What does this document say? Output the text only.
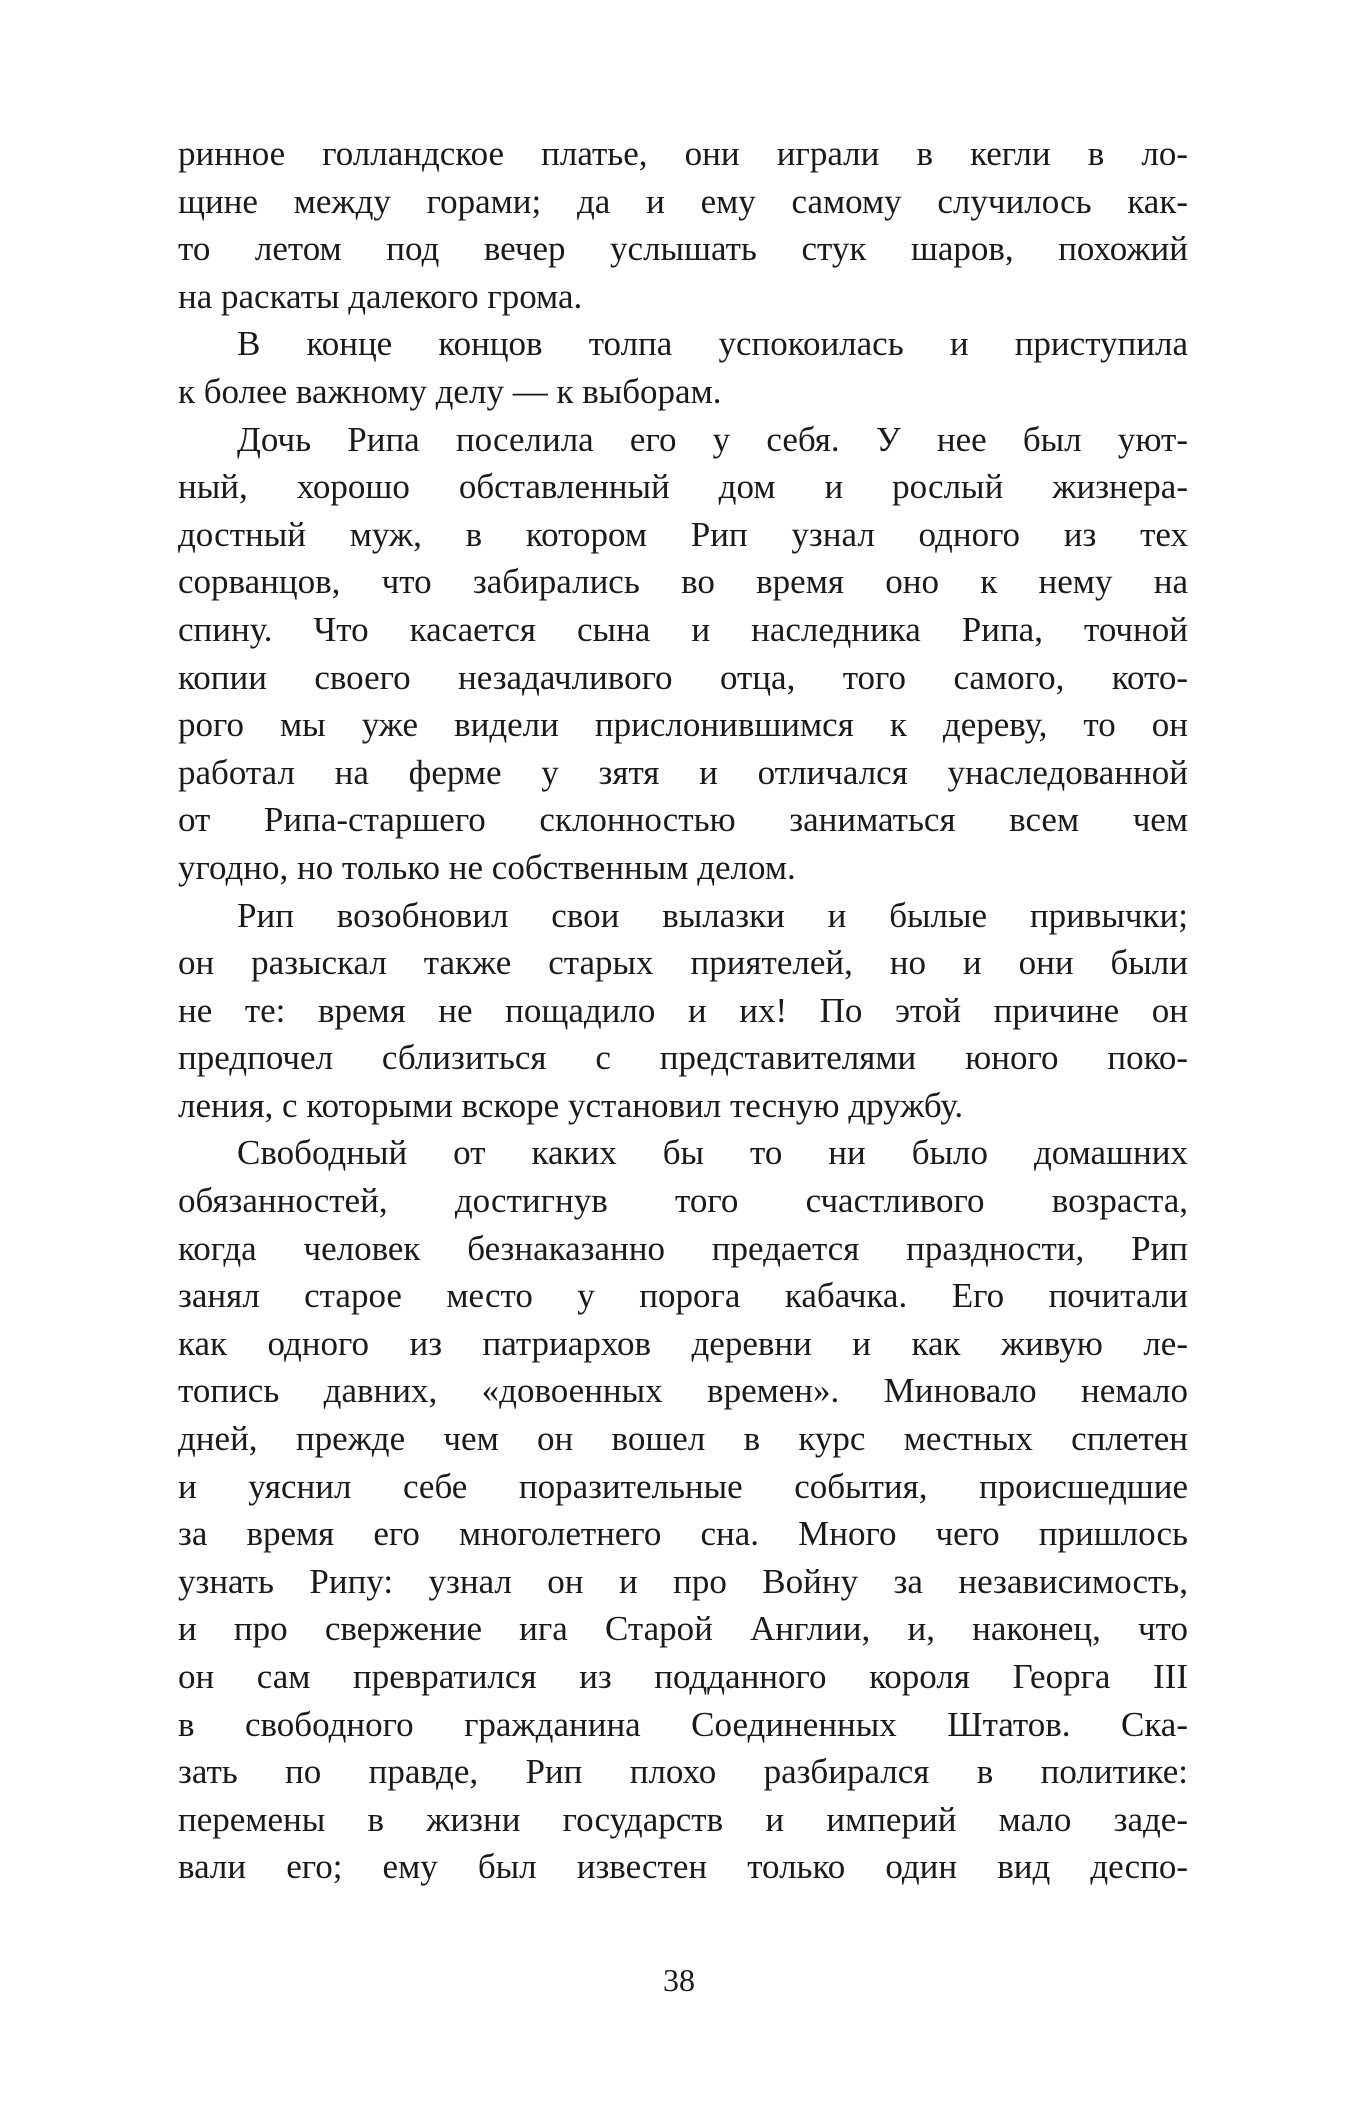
ринное голландское платье, они играли в кегли в ло-
щине между горами; да и ему самому случилось как-
то летом под вечер услышать стук шаров, похожий
на раскаты далекого грома.
В конце концов толпа успокоилась и приступила
к более важному делу — к выборам.
Дочь Рипа поселила его у себя. У нее был уют-
ный, хорошо обставленный дом и рослый жизнера-
достный муж, в котором Рип узнал одного из тех
сорванцов, что забирались во время оно к нему на
спину. Что касается сына и наследника Рипа, точной
копии своего незадачливого отца, того самого, кото-
рого мы уже видели прислонившимся к дереву, то он
работал на ферме у зятя и отличался унаследованной
от Рипа-старшего склонностью заниматься всем чем
угодно, но только не собственным делом.
Рип возобновил свои вылазки и былые привычки;
он разыскал также старых приятелей, но и они были
не те: время не пощадило и их! По этой причине он
предпочел сблизиться с представителями юного поко-
ления, с которыми вскоре установил тесную дружбу.
Свободный от каких бы то ни было домашних
обязанностей, достигнув того счастливого возраста,
когда человек безнаказанно предается праздности, Рип
занял старое место у порога кабачка. Его почитали
как одного из патриархов деревни и как живую ле-
топись давних, «довоенных времен». Миновало немало
дней, прежде чем он вошел в курс местных сплетен
и уяснил себе поразительные события, происшедшие
за время его многолетнего сна. Много чего пришлось
узнать Рипу: узнал он и про Войну за независимость,
и про свержение ига Старой Англии, и, наконец, что
он сам превратился из подданного короля Георга III
в свободного гражданина Соединенных Штатов. Ска-
зать по правде, Рип плохо разбирался в политике:
перемены в жизни государств и империй мало заде-
вали его; ему был известен только один вид деспо-
38
